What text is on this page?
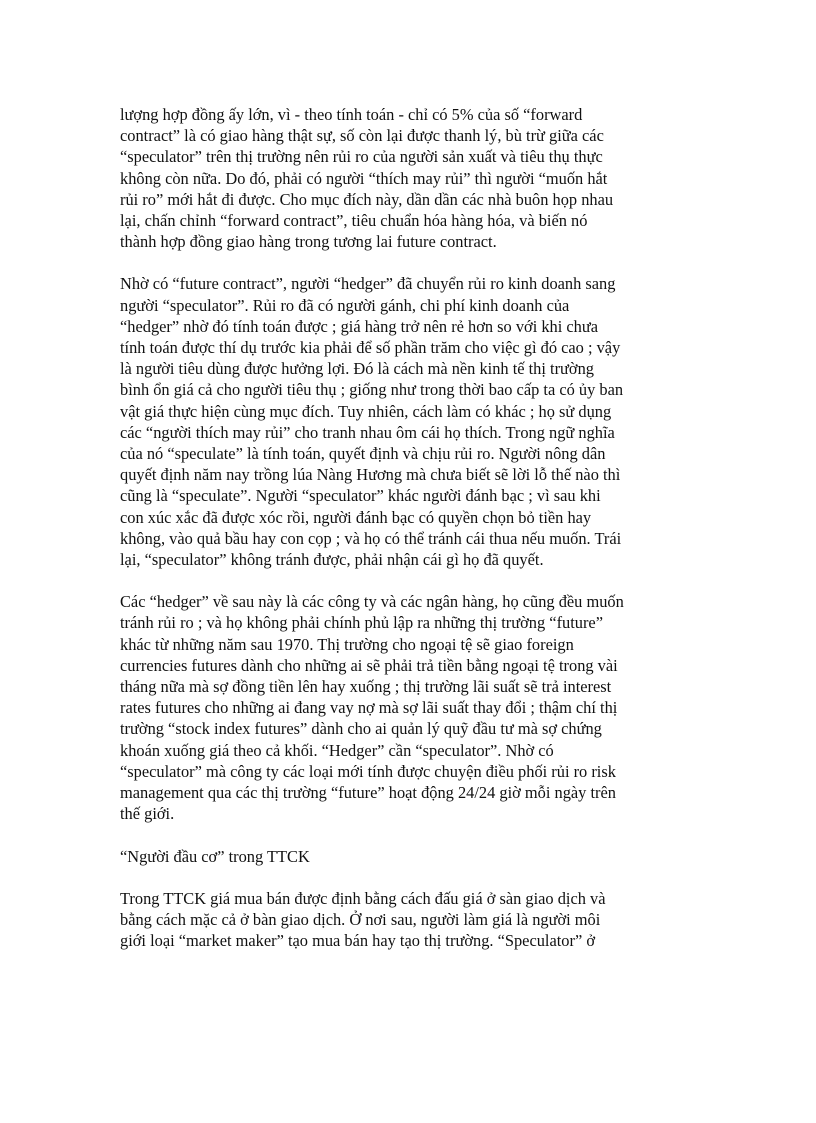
lượng hợp đồng ấy lớn, vì - theo tính toán - chỉ có 5% của số “forward
contract” là có giao hàng thật sự, số còn lại được thanh lý, bù trừ giữa các
“speculator” trên thị trường nên rủi ro của người sản xuất và tiêu thụ thực
không còn nữa. Do đó, phải có người “thích may rủi” thì người “muốn hắt
rủi ro” mới hắt đi được. Cho mục đích này, dần dần các nhà buôn họp nhau
lại, chấn chỉnh “forward contract”, tiêu chuẩn hóa hàng hóa, và biến nó
thành hợp đồng giao hàng trong tương lai future contract.
Nhờ có “future contract”, người “hedger” đã chuyển rủi ro kinh doanh sang
người “speculator”. Rủi ro đã có người gánh, chi phí kinh doanh của
“hedger” nhờ đó tính toán được ; giá hàng trở nên rẻ hơn so với khi chưa
tính toán được thí dụ trước kia phải để số phần trăm cho việc gì đó cao ; vậy
là người tiêu dùng được hưởng lợi. Đó là cách mà nền kinh tế thị trường
bình ổn giá cả cho người tiêu thụ ; giống như trong thời bao cấp ta có ủy ban
vật giá thực hiện cùng mục đích. Tuy nhiên, cách làm có khác ; họ sử dụng
các “người thích may rủi” cho tranh nhau ôm cái họ thích. Trong ngữ nghĩa
của nó “speculate” là tính toán, quyết định và chịu rủi ro. Người nông dân
quyết định năm nay trồng lúa Nàng Hương mà chưa biết sẽ lời lỗ thế nào thì
cũng là “speculate”. Người “speculator” khác người đánh bạc ; vì sau khi
con xúc xắc đã được xóc rồi, người đánh bạc có quyền chọn bỏ tiền hay
không, vào quả bầu hay con cọp ; và họ có thể tránh cái thua nếu muốn. Trái
lại, “speculator” không tránh được, phải nhận cái gì họ đã quyết.
Các “hedger” về sau này là các công ty và các ngân hàng, họ cũng đều muốn
tránh rủi ro ; và họ không phải chính phủ lập ra những thị trường “future”
khác từ những năm sau 1970. Thị trường cho ngoại tệ sẽ giao foreign
currencies futures dành cho những ai sẽ phải trả tiền bằng ngoại tệ trong vài
tháng nữa mà sợ đồng tiền lên hay xuống ; thị trường lãi suất sẽ trả interest
rates futures cho những ai đang vay nợ mà sợ lãi suất thay đổi ; thậm chí thị
trường “stock index futures” dành cho ai quản lý quỹ đầu tư mà sợ chứng
khoán xuống giá theo cả khối. “Hedger” cần “speculator”. Nhờ có
“speculator” mà công ty các loại mới tính được chuyện điều phối rủi ro risk
management qua các thị trường “future” hoạt động 24/24 giờ mỗi ngày trên
thế giới.
“Người đầu cơ” trong TTCK
Trong TTCK giá mua bán được định bằng cách đấu giá ở sàn giao dịch và
bằng cách mặc cả ở bàn giao dịch. Ở nơi sau, người làm giá là người môi
giới loại “market maker” tạo mua bán hay tạo thị trường. “Speculator” ở
